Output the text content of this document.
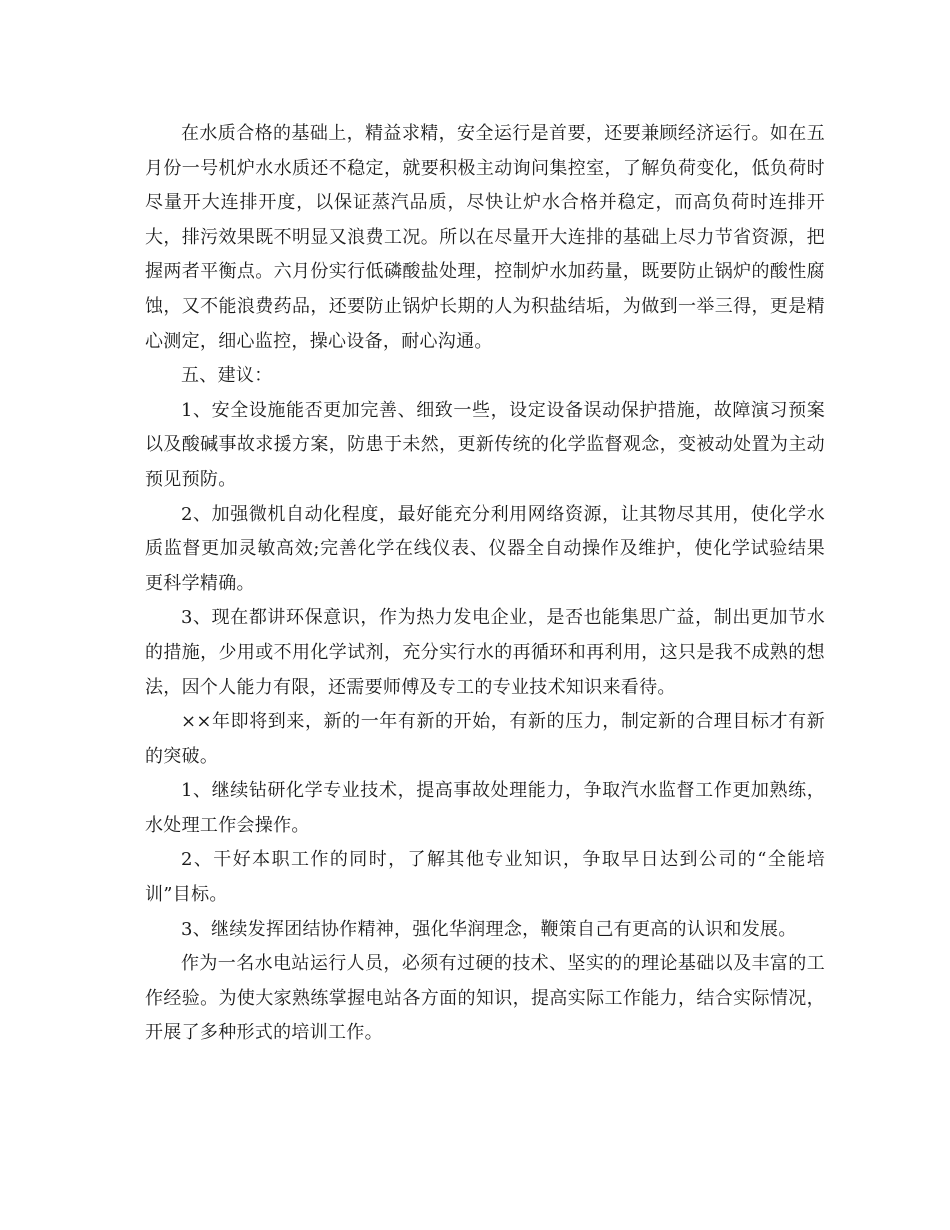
在水质合格的基础上，精益求精，安全运行是首要，还要兼顾经济运行。如在五月份一号机炉水水质还不稳定，就要积极主动询问集控室，了解负荷变化，低负荷时尽量开大连排开度，以保证蒸汽品质，尽快让炉水合格并稳定，而高负荷时连排开大，排污效果既不明显又浪费工况。所以在尽量开大连排的基础上尽力节省资源，把握两者平衡点。六月份实行低磷酸盐处理，控制炉水加药量，既要防止锅炉的酸性腐蚀，又不能浪费药品，还要防止锅炉长期的人为积盐结垢，为做到一举三得，更是精心测定，细心监控，操心设备，耐心沟通。

五、建议：

1、安全设施能否更加完善、细致一些，设定设备误动保护措施，故障演习预案以及酸碱事故求援方案，防患于未然，更新传统的化学监督观念，变被动处置为主动预见预防。

2、加强微机自动化程度，最好能充分利用网络资源，让其物尽其用，使化学水质监督更加灵敏高效;完善化学在线仪表、仪器全自动操作及维护，使化学试验结果更科学精确。

3、现在都讲环保意识，作为热力发电企业，是否也能集思广益，制出更加节水的措施，少用或不用化学试剂，充分实行水的再循环和再利用，这只是我不成熟的想法，因个人能力有限，还需要师傅及专工的专业技术知识来看待。

××年即将到来，新的一年有新的开始，有新的压力，制定新的合理目标才有新的突破。

1、继续钻研化学专业技术，提高事故处理能力，争取汽水监督工作更加熟练，水处理工作会操作。

2、干好本职工作的同时，了解其他专业知识，争取早日达到公司的“全能培训”目标。

3、继续发挥团结协作精神，强化华润理念，鞭策自己有更高的认识和发展。

作为一名水电站运行人员，必须有过硬的技术、坚实的的理论基础以及丰富的工作经验。为使大家熟练掌握电站各方面的知识，提高实际工作能力，结合实际情况，开展了多种形式的培训工作。
